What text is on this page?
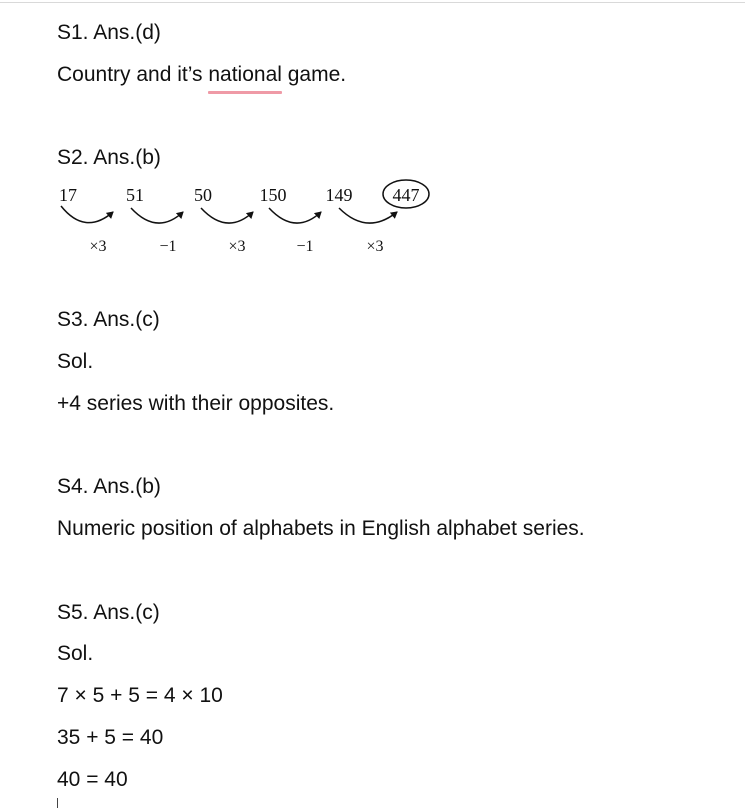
S1. Ans.(d)
Country and it’s national game.
S2. Ans.(b)
17	51	50	150 149 447
×3	−1	×3	−1	×3
S3. Ans.(c)
Sol.
+4 series with their opposites.
S4. Ans.(b)
Numeric position of alphabets in English alphabet series.
S5. Ans.(c)
Sol.
7 × 5 + 5 = 4 × 10
35 + 5 = 40
40 = 40
